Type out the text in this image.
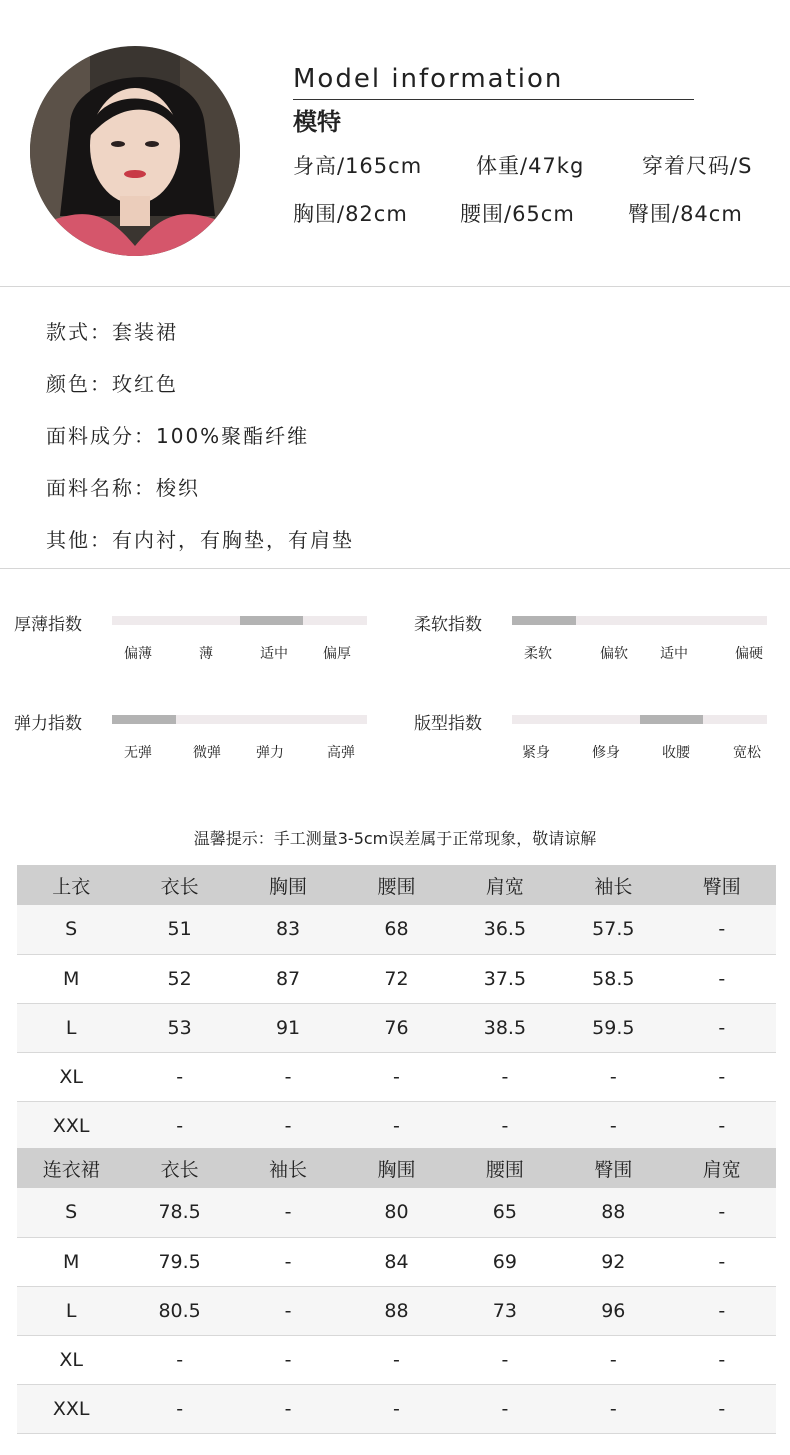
Model information
模特
身高/165cm	体重/47kg	穿着尺码/S
胸围/82cm 腰围/65cm	臀围/84cm
款式：套装裙
颜色：玫红色
面料成分：100%聚酯纤维
面料名称：梭织
其他：有内衬，有胸垫，有肩垫
厚薄指数
偏薄	薄	适中	偏厚
柔软指数
柔软	偏软 适中	偏硬
弹力指数
无弹	微弹	弹力	高弹
版型指数
紧身	修身	收腰	宽松
温馨提示：手工测量3-5cm误差属于正常现象，敬请谅解
上衣	衣长	胸围	腰围	肩宽	袖长	臀围
S	51	83	68	36.5	57.5	-
M	52	87	72	37.5	58.5	-
L	53	91	76	38.5	59.5	-
XL	-	-	-	-	-	-
XXL	-	-	-	-	-	-
连衣裙	衣长	袖长	胸围	腰围	臀围	肩宽
S	78.5	-	80	65	88	-
M	79.5	-	84	69	92	-
L	80.5	-	88	73	96	-
XL	-	-	-	-	-	-
XXL	-	-	-	-	-	-
